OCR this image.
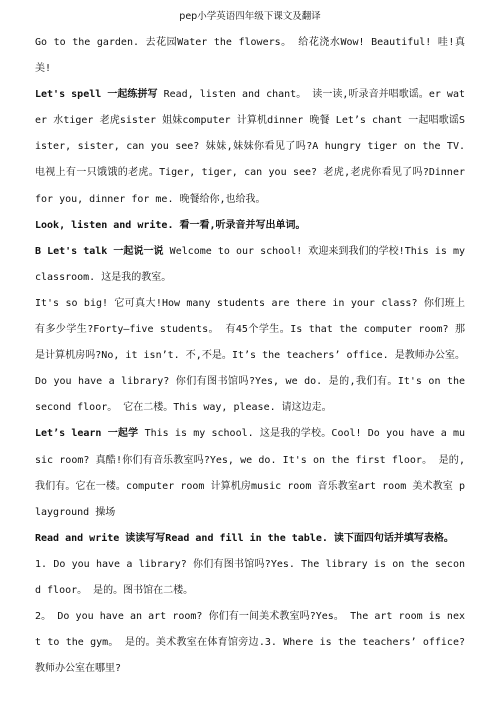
pep小学英语四年级下课文及翻译

Go to the garden. 去花园Water the flowers。 给花浇水Wow! Beautiful! 哇!真美!

Let's spell 一起练拼写 Read, listen and chant。 读一读,听录音并唱歌谣。er water 水tiger 老虎sister 姐妹computer 计算机dinner 晚餐 Let’s chant 一起唱歌谣Sister, sister, can you see? 妹妹,妹妹你看见了吗?A hungry tiger on the TV. 电视上有一只饿饿的老虎。Tiger, tiger, can you see? 老虎,老虎你看见了吗?Dinner for you, dinner for me. 晚餐给你,也给我。

Look, listen and write. 看一看,听录音并写出单词。

B Let's talk 一起说一说 Welcome to our school! 欢迎来到我们的学校!This is my classroom. 这是我的教室。

It's so big! 它可真大!How many students are there in your class? 你们班上有多少学生?Forty—five students。 有45个学生。Is that the computer room? 那是计算机房吗?No, it isn’t. 不,不是。It’s the teachers’ office. 是教师办公室。Do you have a library? 你们有图书馆吗?Yes, we do. 是的,我们有。It's on the second floor。 它在二楼。This way, please. 请这边走。

Let’s learn 一起学 This is my school. 这是我的学校。Cool! Do you have a music room? 真酷!你们有音乐教室吗?Yes, we do. It's on the first floor。 是的,我们有。它在一楼。computer room 计算机房music room 音乐教室art room 美术教室 playground 操场

Read and write 读读写写Read and fill in the table. 读下面四句话并填写表格。

1. Do you have a library? 你们有图书馆吗?Yes. The library is on the second floor。 是的。图书馆在二楼。

2。 Do you have an art room? 你们有一间美术教室吗?Yes。 The art room is next to the gym。 是的。美术教室在体育馆旁边.3. Where is the teachers’ office? 教师办公室在哪里?
